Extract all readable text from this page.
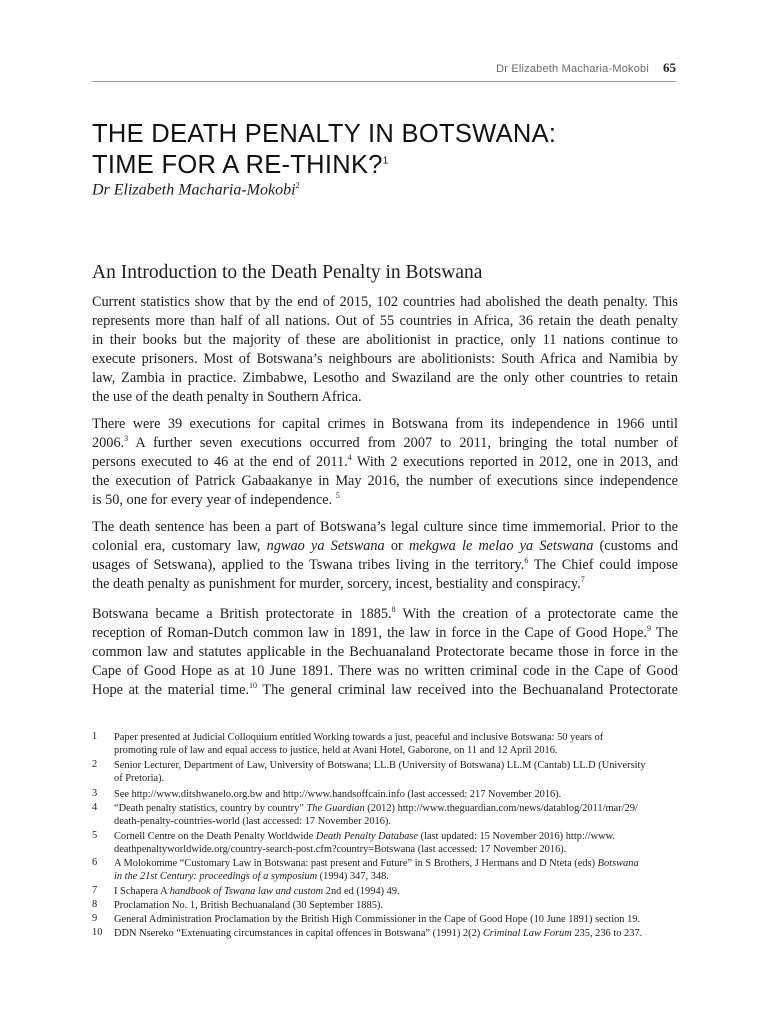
Dr Elizabeth Macharia-Mokobi 65
THE DEATH PENALTY IN BOTSWANA:
TIME FOR A RE-THINK?$^1$
Dr Elizabeth Macharia-Mokobi$^2$
An Introduction to the Death Penalty in Botswana
Current statistics show that by the end of 2015, 102 countries had abolished the death penalty. This
represents more than half of all nations. Out of 55 countries in Africa, 36 retain the death penalty
in their books but the majority of these are abolitionist in practice, only 11 nations continue to
execute prisoners. Most of Botswana’s neighbours are abolitionists: South Africa and Namibia by
law, Zambia in practice. Zimbabwe, Lesotho and Swaziland are the only other countries to retain
the use of the death penalty in Southern Africa.
There were 39 executions for capital crimes in Botswana from its independence in 1966 until
2006.$^3$ A further seven executions occurred from 2007 to 2011, bringing the total number of
persons executed to 46 at the end of 2011.$^4$ With 2 executions reported in 2012, one in 2013, and
the execution of Patrick Gabaakanye in May 2016, the number of executions since independence
is 50, one for every year of independence. $^5$
The death sentence has been a part of Botswana’s legal culture since time immemorial. Prior to the
colonial era, customary law, ngwao ya Setswana or mekgwa le melao ya Setswana (customs and
usages of Setswana), applied to the Tswana tribes living in the territory.$^6$ The Chief could impose
the death penalty as punishment for murder, sorcery, incest, bestiality and conspiracy.$^7$
Botswana became a British protectorate in 1885.$^8$ With the creation of a protectorate came the
reception of Roman-Dutch common law in 1891, the law in force in the Cape of Good Hope.$^9$ The
common law and statutes applicable in the Bechuanaland Protectorate became those in force in the
Cape of Good Hope as at 10 June 1891. There was no written criminal code in the Cape of Good
Hope at the material time.$^{10}$ The general criminal law received into the Bechuanaland Protectorate
1	Paper presented at Judicial Colloquium entitled Working towards a just, peaceful and inclusive Botswana: 50 years of
promoting rule of law and equal access to justice, held at Avani Hotel, Gaborone, on 11 and 12 April 2016.
2	Senior Lecturer, Department of Law, University of Botswana; LL.B (University of Botswana) LL.M (Cantab) LL.D (University
of Pretoria).
3	See http://www.ditshwanelo.org.bw and http://www.handsoffcain.info (last accessed: 217 November 2016).
4	“Death penalty statistics, country by country” The Guardian (2012) http://www.theguardian.com/news/datablog/2011/mar/29/
death-penalty-countries-world (last accessed: 17 November 2016).
5	Cornell Centre on the Death Penalty Worldwide Death Penalty Database (last updated: 15 November 2016) http://www.
deathpenaltyworldwide.org/country-search-post.cfm?country=Botswana (last accessed: 17 November 2016).
6	A Molokomme “Customary Law in Botswana: past present and Future” in S Brothers, J Hermans and D Nteta (eds) Botswana
in the 21st Century: proceedings of a symposium (1994) 347, 348.
7	I Schapera A handbook of Tswana law and custom 2nd ed (1994) 49.
8	Proclamation No. 1, British Bechuanaland (30 September 1885).
9	General Administration Proclamation by the British High Commissioner in the Cape of Good Hope (10 June 1891) section 19.
10	DDN Nsereko “Extenuating circumstances in capital offences in Botswana” (1991) 2(2) Criminal Law Forum 235, 236 to 237.
